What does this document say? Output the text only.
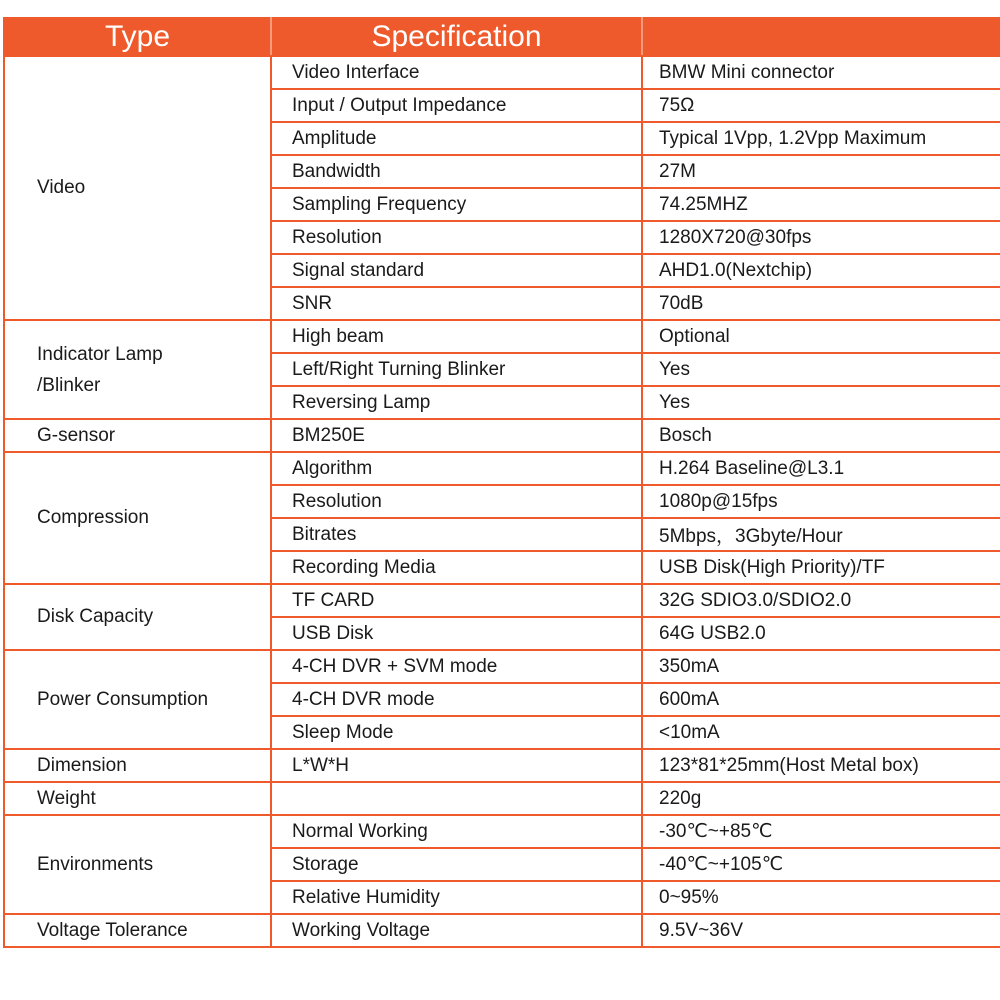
Type	Specification	
Video	Video Interface	BMW Mini connector
	Input / Output Impedance	75Ω
	Amplitude	Typical 1Vpp, 1.2Vpp Maximum
	Bandwidth	27M
	Sampling Frequency	74.25MHZ
	Resolution	1280X720@30fps
	Signal standard	AHD1.0(Nextchip)
	SNR	70dB
Indicator Lamp /Blinker	High beam	Optional
	Left/Right Turning Blinker	Yes
	Reversing Lamp	Yes
G-sensor	BM250E	Bosch
Compression	Algorithm	H.264 Baseline@L3.1
	Resolution	1080p@15fps
	Bitrates	5Mbps，3Gbyte/Hour
	Recording Media	USB Disk(High Priority)/TF
Disk Capacity	TF CARD	32G SDIO3.0/SDIO2.0
	USB Disk	64G USB2.0
Power Consumption	4-CH DVR + SVM mode	350mA
	4-CH DVR mode	600mA
	Sleep Mode	<10mA
Dimension	L*W*H	123*81*25mm(Host Metal box)
Weight		220g
Environments	Normal Working	-30℃~+85℃
	Storage	-40℃~+105℃
	Relative Humidity	0~95%
Voltage Tolerance	Working Voltage	9.5V~36V
